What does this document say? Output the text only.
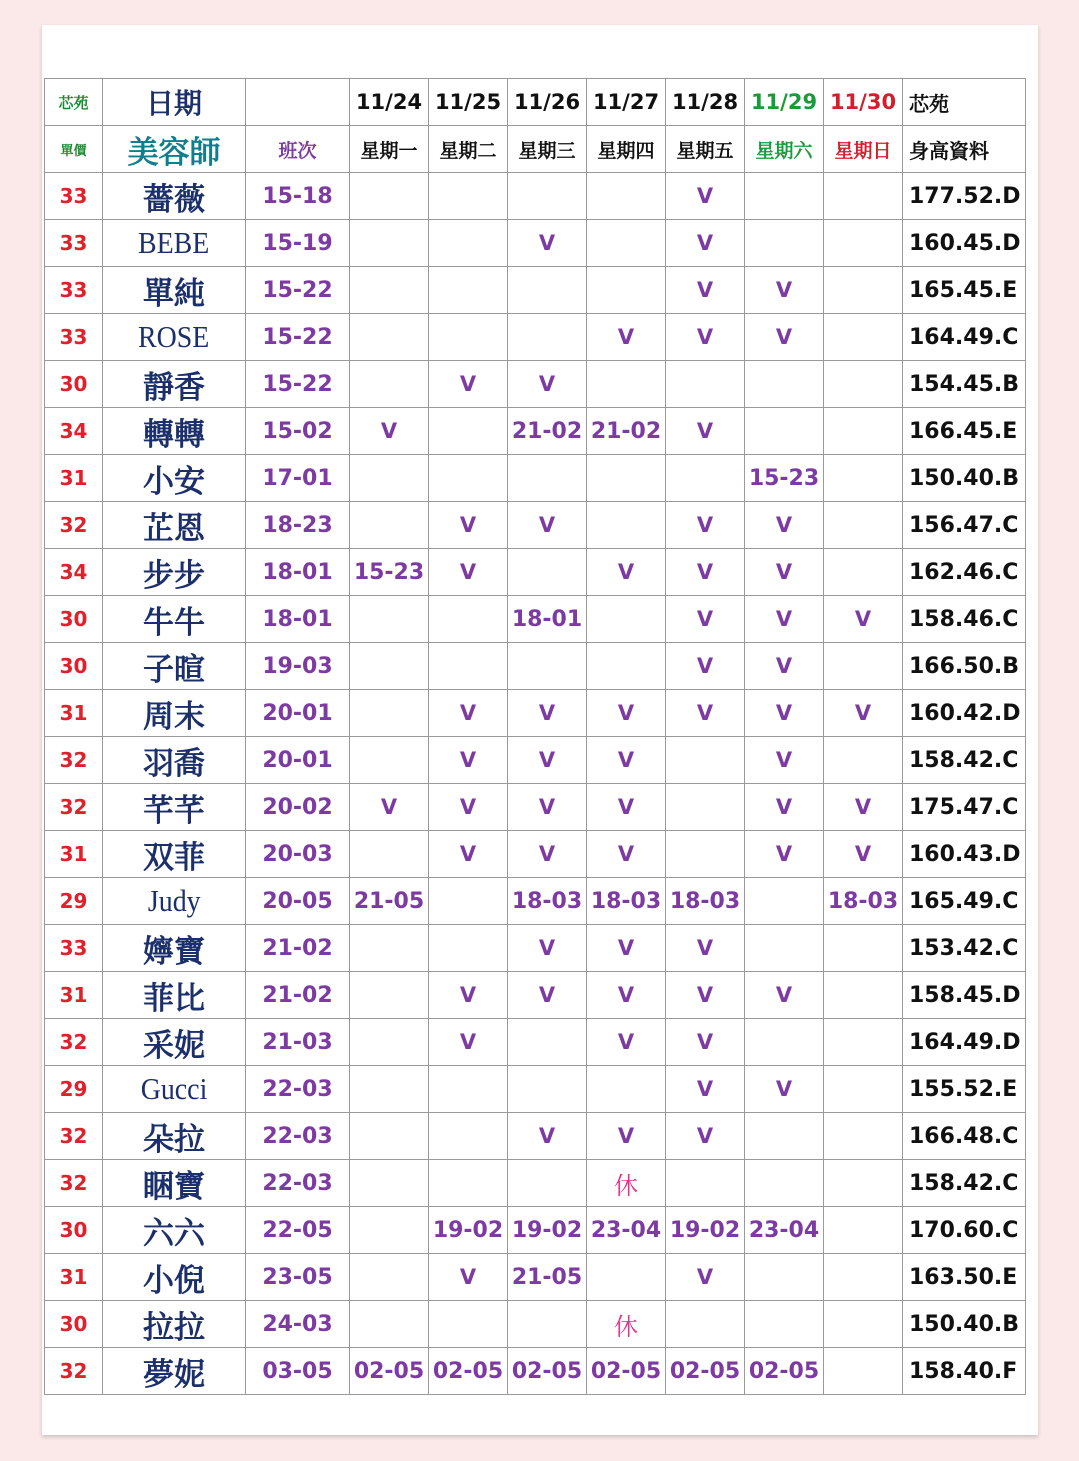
芯苑	日期		11/24	11/25	11/26	11/27	11/28	11/29	11/30	芯苑
單價	美容師	班次	星期一	星期二	星期三	星期四	星期五	星期六	星期日	身高資料
33	薔薇	15-18					V			177.52.D
33	BEBE	15-19			V		V			160.45.D
33	單純	15-22					V	V		165.45.E
33	ROSE	15-22				V	V	V		164.49.C
30	靜香	15-22		V	V					154.45.B
34	轉轉	15-02	V		21-02	21-02	V			166.45.E
31	小安	17-01						15-23		150.40.B
32	芷恩	18-23		V	V		V	V		156.47.C
34	步步	18-01	15-23	V		V	V	V		162.46.C
30	牛牛	18-01			18-01		V	V	V	158.46.C
30	子暄	19-03					V	V		166.50.B
31	周末	20-01		V	V	V	V	V	V	160.42.D
32	羽喬	20-01		V	V	V		V		158.42.C
32	芊芊	20-02	V	V	V	V		V	V	175.47.C
31	双菲	20-03		V	V	V		V	V	160.43.D
29	Judy	20-05	21-05		18-03	18-03	18-03		18-03	165.49.C
33	嬣寶	21-02			V	V	V			153.42.C
31	菲比	21-02		V	V	V	V	V		158.45.D
32	采妮	21-03		V		V	V			164.49.D
29	Gucci	22-03					V	V		155.52.E
32	朵拉	22-03			V	V	V			166.48.C
32	睏寶	22-03				休				158.42.C
30	六六	22-05		19-02	19-02	23-04	19-02	23-04		170.60.C
31	小倪	23-05		V	21-05		V			163.50.E
30	拉拉	24-03				休				150.40.B
32	夢妮	03-05	02-05	02-05	02-05	02-05	02-05	02-05		158.40.F
